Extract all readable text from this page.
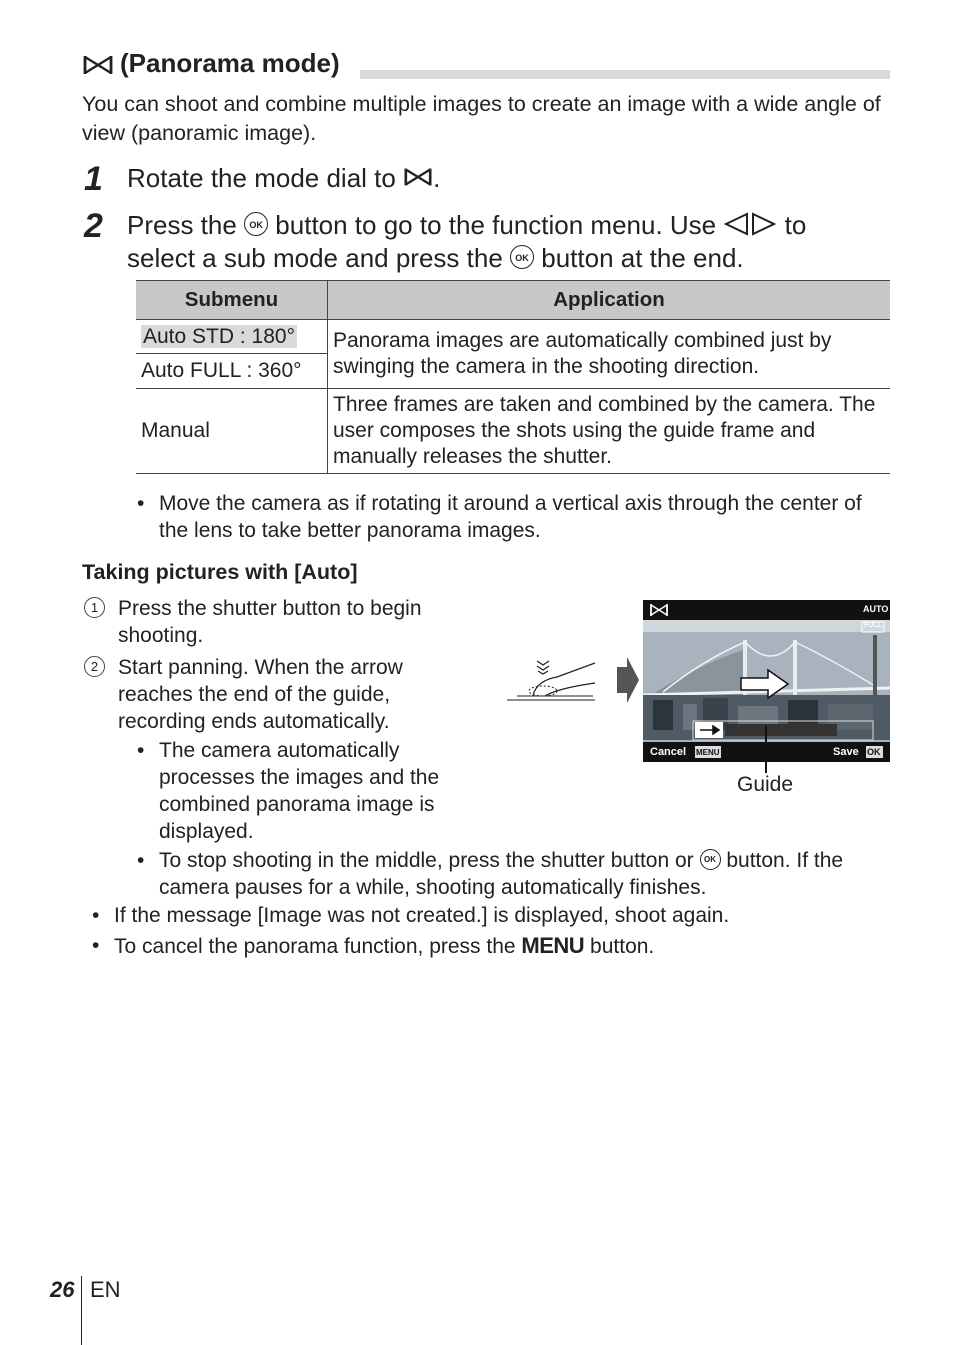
(Panorama mode)
You can shoot and combine multiple images to create an image with a wide angle of view (panoramic image).
1 Rotate the mode dial to .
2 Press the OK button to go to the function menu. Use	to
select a sub mode and press the OK button at the end.
Submenu	Application
Auto STD : 180°	Panorama images are automatically combined just by swinging the camera in the shooting direction.
Auto FULL : 360°	
Manual	Three frames are taken and combined by the camera. The user composes the shots using the guide frame and manually releases the shutter.
• Move the camera as if rotating it around a vertical axis through the center of the lens to take better panorama images.
Taking pictures with [Auto]
1 Press the shutter button to begin shooting.
2 Start panning. When the arrow reaches the end of the guide, recording ends automatically.
• The camera automatically processes the images and the combined panorama image is displayed.
• To stop shooting in the middle, press the shutter button or OK button. If the camera pauses for a while, shooting automatically finishes.
• If the message [Image was not created.] is displayed, shoot again.
• To cancel the panorama function, press the MENU button.
AUTO
FULL
Cancel MENU	Save OK
Guide
26 EN
